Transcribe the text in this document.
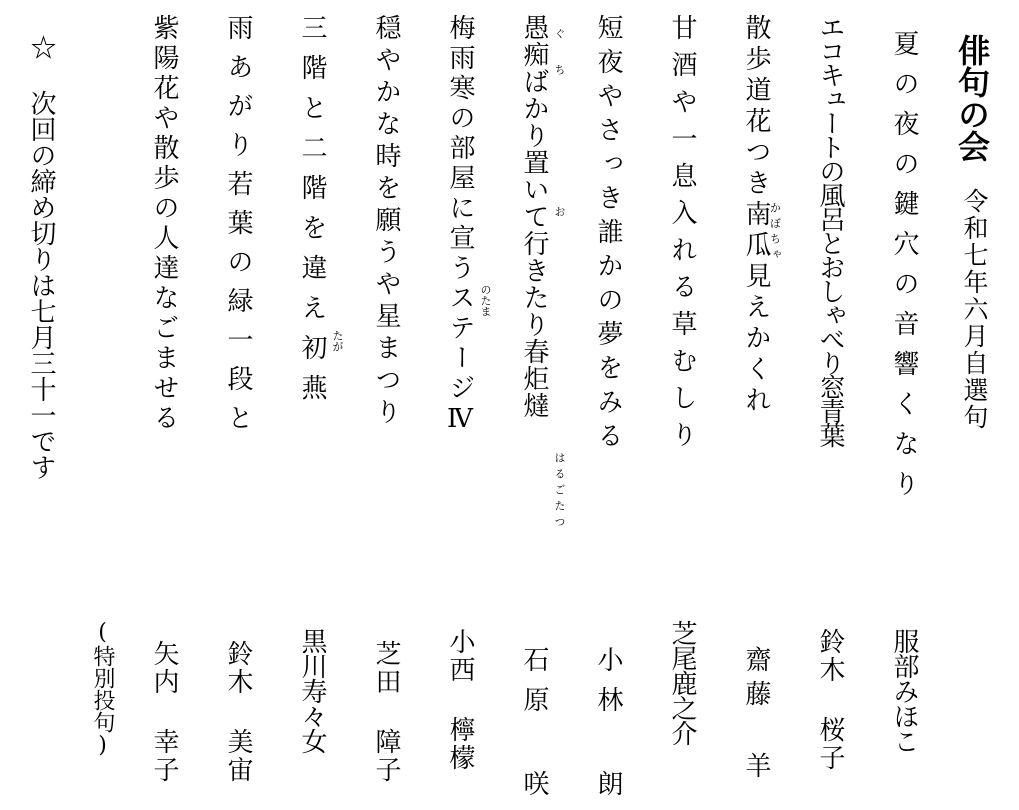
俳句の会
令和七年六月自選句
夏の夜の鍵穴の音響くなり
服部みほこ
エコキュートの風呂とおしゃべり窓青葉
鈴木 桜子
散歩道花つき南瓜かぼちゃ見えかくれ
齋藤 羊
甘酒や一息入れる草むしり
芝尾鹿之介
短夜やさっき誰かの夢をみる
小林 朗
愚痴ばかり置いて行きたり春炬燵 ぐ
ち
お
はるごたつ
石原 咲
梅雨寒の部屋に宣うステージⅣ のたま
小西 檸檬
穏やかな時を願うや星まつり
芝田 障子
三階と二階を違え初燕 たが
黒川寿々女
雨あがり若葉の緑一段と
鈴木 美宙
紫陽花や散歩の人達なごませる
矢内 幸子
(特別投句)
☆ 次回の締め切りは七月三十一です
